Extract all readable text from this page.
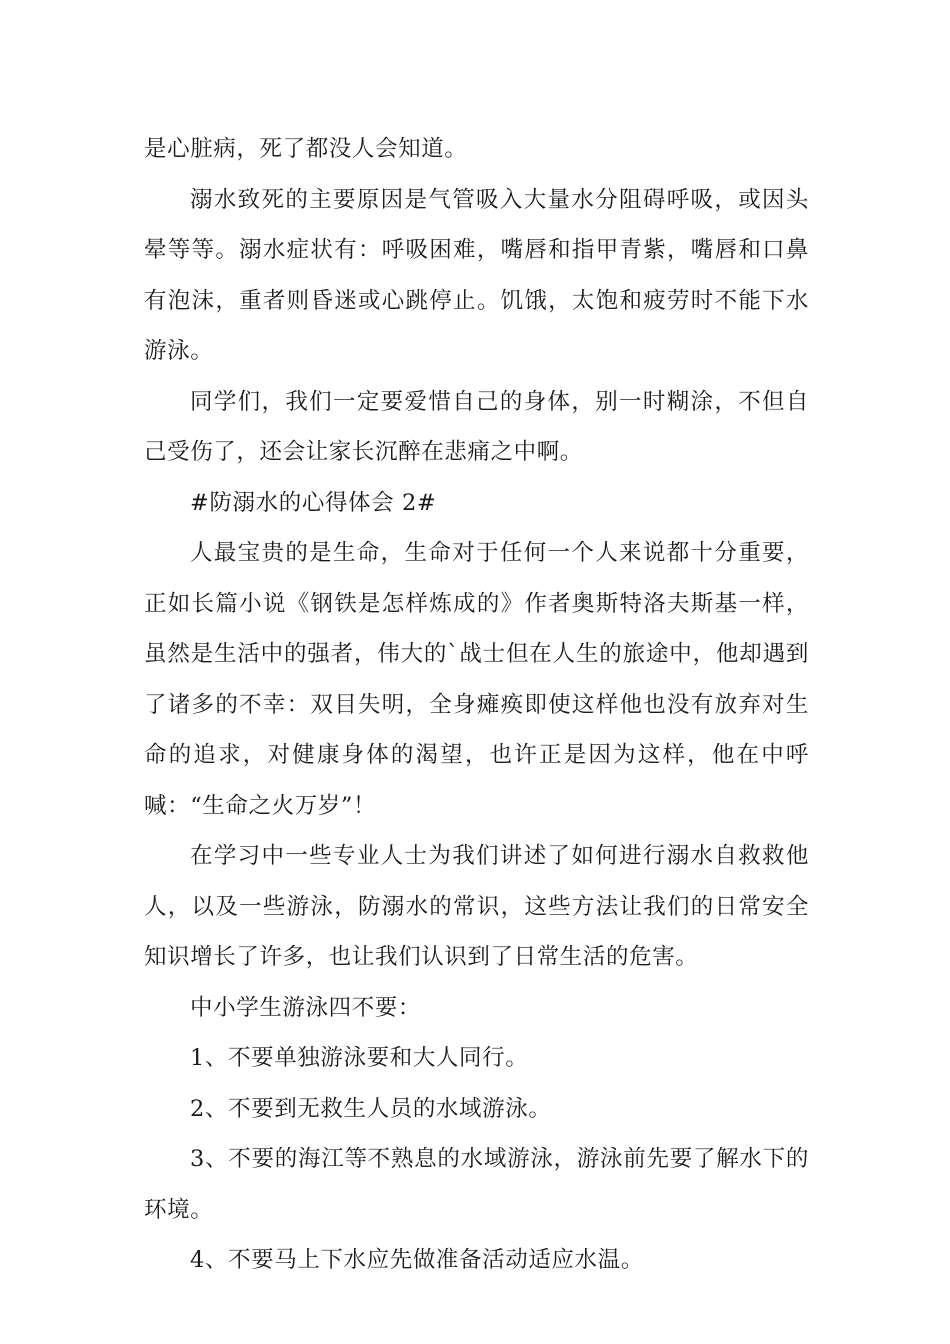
是心脏病，死了都没人会知道。

溺水致死的主要原因是气管吸入大量水分阻碍呼吸，或因头晕等等。溺水症状有：呼吸困难，嘴唇和指甲青紫，嘴唇和口鼻有泡沫，重者则昏迷或心跳停止。饥饿，太饱和疲劳时不能下水游泳。

同学们，我们一定要爱惜自己的身体，别一时糊涂，不但自己受伤了，还会让家长沉醉在悲痛之中啊。

#防溺水的心得体会 2#

人最宝贵的是生命，生命对于任何一个人来说都十分重要，正如长篇小说《钢铁是怎样炼成的》作者奥斯特洛夫斯基一样，虽然是生活中的强者，伟大的`战士但在人生的旅途中，他却遇到了诸多的不幸：双目失明，全身瘫痪即使这样他也没有放弃对生命的追求，对健康身体的渴望，也许正是因为这样，他在中呼喊：“生命之火万岁”！

在学习中一些专业人士为我们讲述了如何进行溺水自救救他人，以及一些游泳，防溺水的常识，这些方法让我们的日常安全知识增长了许多，也让我们认识到了日常生活的危害。

中小学生游泳四不要：

1、不要单独游泳要和大人同行。

2、不要到无救生人员的水域游泳。

3、不要的海江等不熟息的水域游泳，游泳前先要了解水下的环境。

4、不要马上下水应先做准备活动适应水温。
